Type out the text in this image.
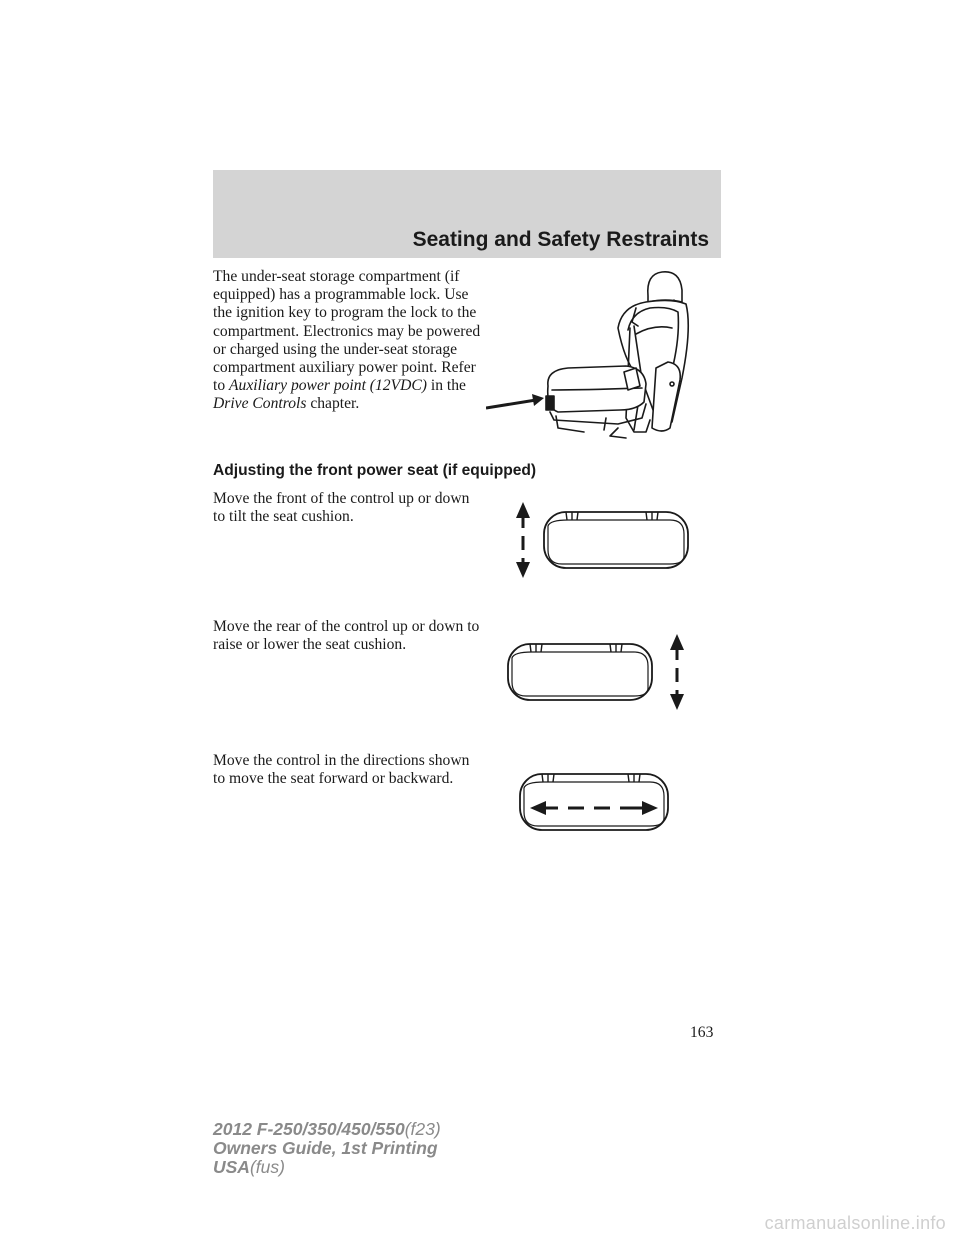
Seating and Safety Restraints

The under-seat storage compartment (if equipped) has a programmable lock. Use the ignition key to program the lock to the compartment. Electronics may be powered or charged using the under-seat storage compartment auxiliary power point. Refer to Auxiliary power point (12VDC) in the Drive Controls chapter.

Adjusting the front power seat (if equipped)

Move the front of the control up or down to tilt the seat cushion.

Move the rear of the control up or down to raise or lower the seat cushion.

Move the control in the directions shown to move the seat forward or backward.

163
2012 F-250/350/450/550(f23)
Owners Guide, 1st Printing
USA(fus)
carmanualsonline.info
